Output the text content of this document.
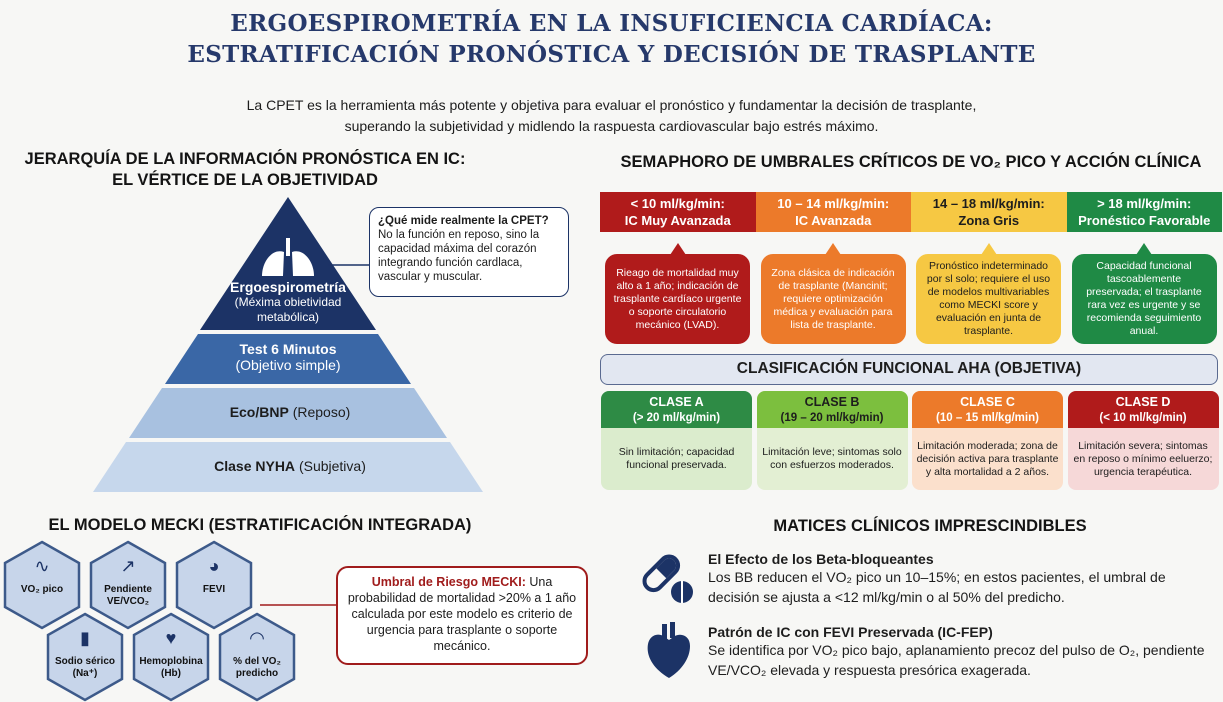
ERGOESPIROMETRÍA EN LA INSUFICIENCIA CARDÍACA:
ESTRATIFICACIÓN PRONÓSTICA Y DECISIÓN DE TRASPLANTE
La CPET es la herramienta más potente y objetiva para evaluar el pronóstico y fundamentar la decisión de trasplante,
superando la subjetividad y midlendo la raspuesta cardiovascular bajo estrés máximo.
JERARQUÍA DE LA INFORMACIÓN PRONÓSTICA EN IC:
EL VÉRTICE DE LA OBJETIVIDAD
Ergoespirometría
(Méxima obietividad
metabólica)
Test 6 Minutos
(Objetivo simple)
Eco/BNP (Reposo)
Clase NYHA (Subjetiva)
¿Qué mide realmente la CPET?
No la función en reposo, sino la capacidad máxima del corazón integrando función cardlaca, vascular y muscular.
SEMAPHORO DE UMBRALES CRÍTICOS DE VO₂ PICO Y ACCIÓN CLÍNICA
< 10 ml/kg/min:
IC Muy Avanzada
Rieago de mortalidad muy alto a 1 año; indicación de trasplante cardíaco urgente o soporte circulatorio mecánico (LVAD).
10 – 14 ml/kg/min:
IC Avanzada
Zona clásica de indicación de trasplante (Mancinit; requiere optimización médica y evaluación para lista de trasplante.
14 – 18 ml/kg/min:
Zona Gris
Pronóstico indeterminado por sl solo; requiere el uso de modelos multivariables como MECKI score y evaluación en junta de trasplante.
> 18 ml/kg/min:
Pronéstico Favorable
Capacidad funcional tascoablemente preservada; el trasplante rara vez es urgente y se recomienda seguimiento anual.
CLASIFICACIÓN FUNCIONAL AHA (OBJETIVA)
CLASE A
(> 20 ml/kg/min)
Sin limitación; capacidad funcional preservada.
CLASE B
(19 – 20 ml/kg/min)
Limitación leve; sintomas solo con esfuerzos moderados.
CLASE C
(10 – 15 ml/kg/min)
Limitación moderada; zona de decisión activa para trasplante y alta mortalidad a 2 años.
CLASE D
(< 10 ml/kg/min)
Limitación severa; sintomas en reposo o mínimo eeluerzo; urgencia terapéutica.
EL MODELO MECKI (ESTRATIFICACIÓN INTEGRADA)
∿
VO₂ pico
↗
Pendiente VE/VCO₂
◕
FEVI
▮
Sodio sérico (Na⁺)
♥
Hemoplobina (Hb)
◠
% del VO₂ predicho
Umbral de Riesgo MECKI: Una probabilidad de mortalidad >20% a 1 año calculada por este modelo es criterio de urgencia para trasplante o soporte mecánico.
MATICES CLÍNICOS IMPRESCINDIBLES
El Efecto de los Beta-bloqueantes
Los BB reducen el VO₂ pico un 10–15%; en estos pacientes, el umbral de decisión se ajusta a <12 ml/kg/min o al 50% del predicho.
Patrón de IC con FEVI Preservada (IC-FEP)
Se identifica por VO₂ pico bajo, aplanamiento precoz del pulso de O₂, pendiente VE/VCO₂ elevada y respuesta presórica exagerada.
